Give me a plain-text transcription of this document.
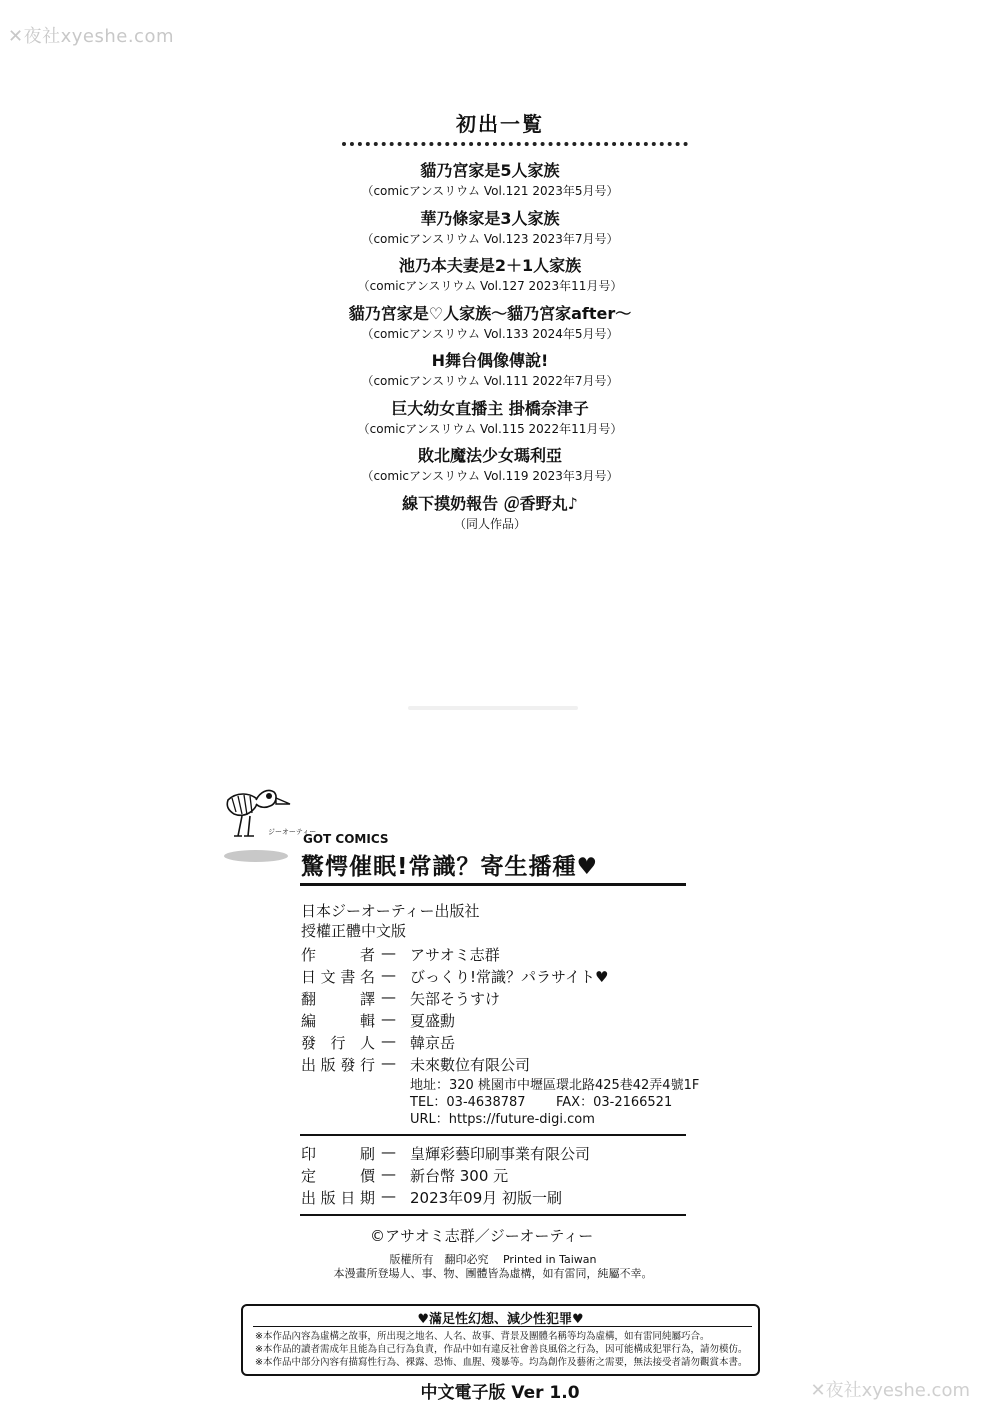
✕夜社xyeshe.com
✕夜社xyeshe.com
初出一覧
貓乃宮家是5人家族
（comicアンスリウム Vol.121 2023年5月号）
華乃條家是3人家族
（comicアンスリウム Vol.123 2023年7月号）
池乃本夫妻是2＋1人家族
（comicアンスリウム Vol.127 2023年11月号）
貓乃宮家是♡人家族～貓乃宮家after～
（comicアンスリウム Vol.133 2024年5月号）
H舞台偶像傳說!
（comicアンスリウム Vol.111 2022年7月号）
巨大幼女直播主 掛橋奈津子
（comicアンスリウム Vol.115 2022年11月号）
敗北魔法少女瑪利亞
（comicアンスリウム Vol.119 2023年3月号）
線下摸奶報告 ＠香野丸♪
（同人作品）
ジーオーティー
GOT COMICS
驚愕催眠!常識？寄生播種♥
日本ジーオーティー出版社
授權正體中文版
作者 — アサオミ志群
日文書名 — びっくり!常識？パラサイト♥
翻譯 — 矢部そうすけ
編輯 — 夏盛勳
發行人 — 韓京岳
出版發行 — 未來數位有限公司
地址：320 桃園市中壢區環北路425巷42弄4號1F
TEL：03-4638787 FAX：03-2166521
URL：https://future-digi.com
印刷 — 皇輝彩藝印刷事業有限公司
定價 — 新台幣 300 元
出版日期 — 2023年09月 初版一刷
©アサオミ志群／ジーオーティー
版權所有　翻印必究　 Printed in Taiwan
本漫畫所登場人、事、物、團體皆為虛構，如有雷同，純屬不幸。
♥滿足性幻想、減少性犯罪♥
※本作品內容為虛構之故事，所出現之地名、人名、故事、背景及團體名稱等均為虛構，如有雷同純屬巧合。
※本作品的讀者需成年且能為自己行為負責，作品中如有違反社會善良風俗之行為，因可能構成犯罪行為，請勿模仿。
※本作品中部分內容有描寫性行為、裸露、恐怖、血腥、殘暴等。均為創作及藝術之需要，無法接受者請勿觀賞本書。
中文電子版 Ver 1.0
